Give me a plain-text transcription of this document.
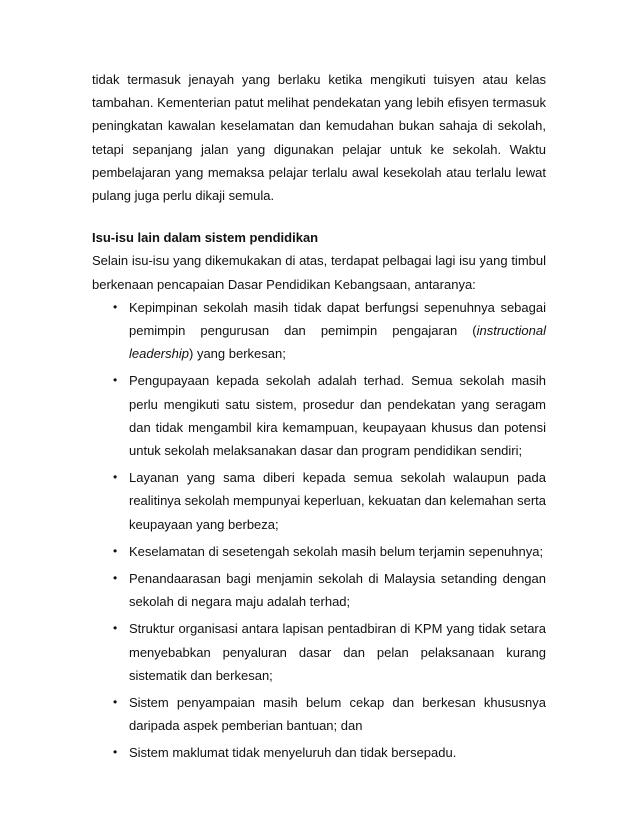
tidak termasuk jenayah yang berlaku ketika mengikuti tuisyen atau kelas tambahan. Kementerian patut melihat pendekatan yang lebih efisyen termasuk peningkatan kawalan keselamatan dan kemudahan bukan sahaja di sekolah, tetapi sepanjang jalan yang digunakan pelajar untuk ke sekolah. Waktu pembelajaran yang memaksa pelajar terlalu awal kesekolah atau terlalu lewat pulang juga perlu dikaji semula.

Isu-isu lain dalam sistem pendidikan

Selain isu-isu yang dikemukakan di atas, terdapat pelbagai lagi isu yang timbul berkenaan pencapaian Dasar Pendidikan Kebangsaan, antaranya:

• Kepimpinan sekolah masih tidak dapat berfungsi sepenuhnya sebagai pemimpin pengurusan dan pemimpin pengajaran (instructional leadership) yang berkesan;
• Pengupayaan kepada sekolah adalah terhad. Semua sekolah masih perlu mengikuti satu sistem, prosedur dan pendekatan yang seragam dan tidak mengambil kira kemampuan, keupayaan khusus dan potensi untuk sekolah melaksanakan dasar dan program pendidikan sendiri;
• Layanan yang sama diberi kepada semua sekolah walaupun pada realitinya sekolah mempunyai keperluan, kekuatan dan kelemahan serta keupayaan yang berbeza;
• Keselamatan di sesetengah sekolah masih belum terjamin sepenuhnya;
• Penandaarasan bagi menjamin sekolah di Malaysia setanding dengan sekolah di negara maju adalah terhad;
• Struktur organisasi antara lapisan pentadbiran di KPM yang tidak setara menyebabkan penyaluran dasar dan pelan pelaksanaan kurang sistematik dan berkesan;
• Sistem penyampaian masih belum cekap dan berkesan khususnya daripada aspek pemberian bantuan; dan
• Sistem maklumat tidak menyeluruh dan tidak bersepadu.
